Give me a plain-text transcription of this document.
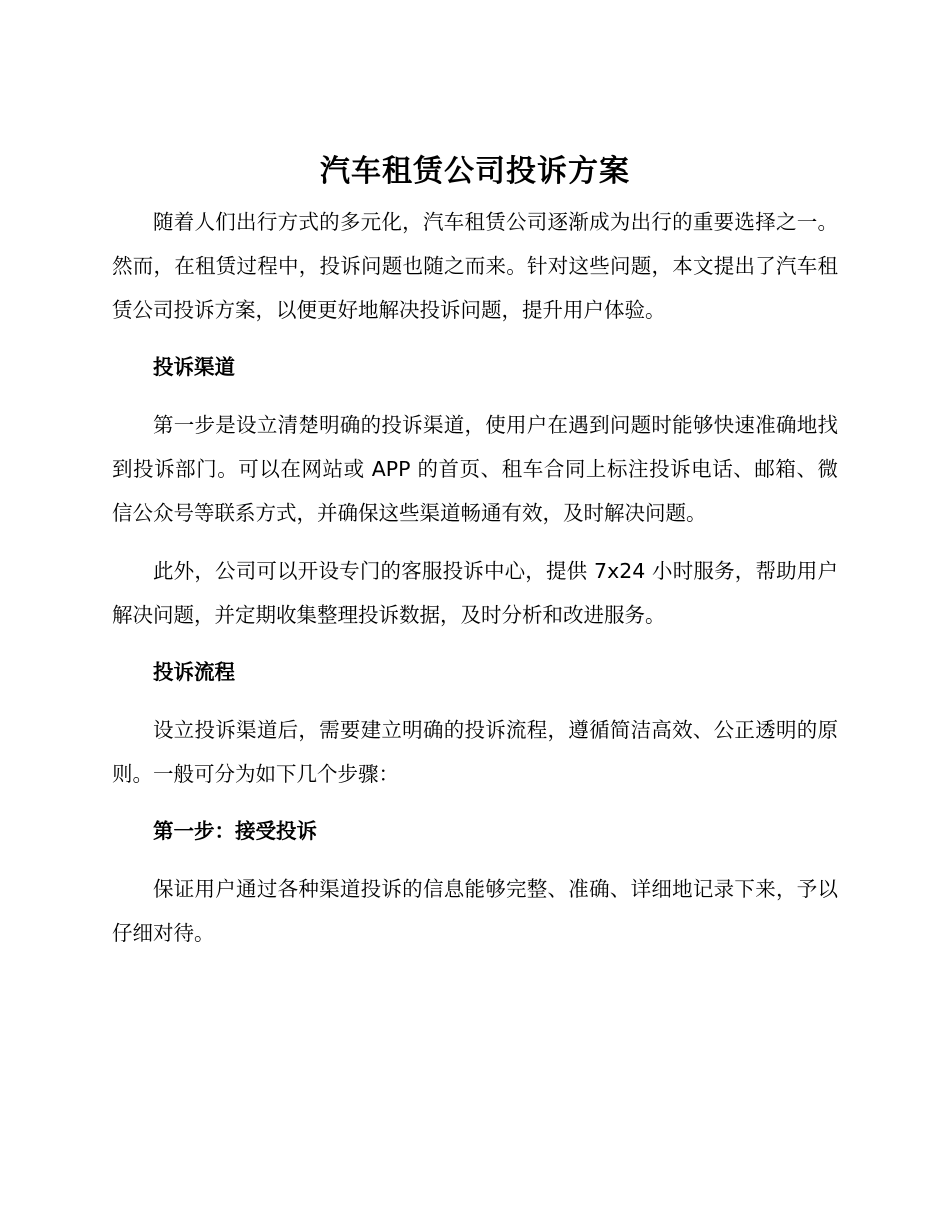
汽车租赁公司投诉方案

随着人们出行方式的多元化，汽车租赁公司逐渐成为出行的重要选择之一。然而，在租赁过程中，投诉问题也随之而来。针对这些问题，本文提出了汽车租赁公司投诉方案，以便更好地解决投诉问题，提升用户体验。

投诉渠道

第一步是设立清楚明确的投诉渠道，使用户在遇到问题时能够快速准确地找到投诉部门。可以在网站或 APP 的首页、租车合同上标注投诉电话、邮箱、微信公众号等联系方式，并确保这些渠道畅通有效，及时解决问题。

此外，公司可以开设专门的客服投诉中心，提供 7x24 小时服务，帮助用户解决问题，并定期收集整理投诉数据，及时分析和改进服务。

投诉流程

设立投诉渠道后，需要建立明确的投诉流程，遵循简洁高效、公正透明的原则。一般可分为如下几个步骤：

第一步：接受投诉

保证用户通过各种渠道投诉的信息能够完整、准确、详细地记录下来，予以仔细对待。
